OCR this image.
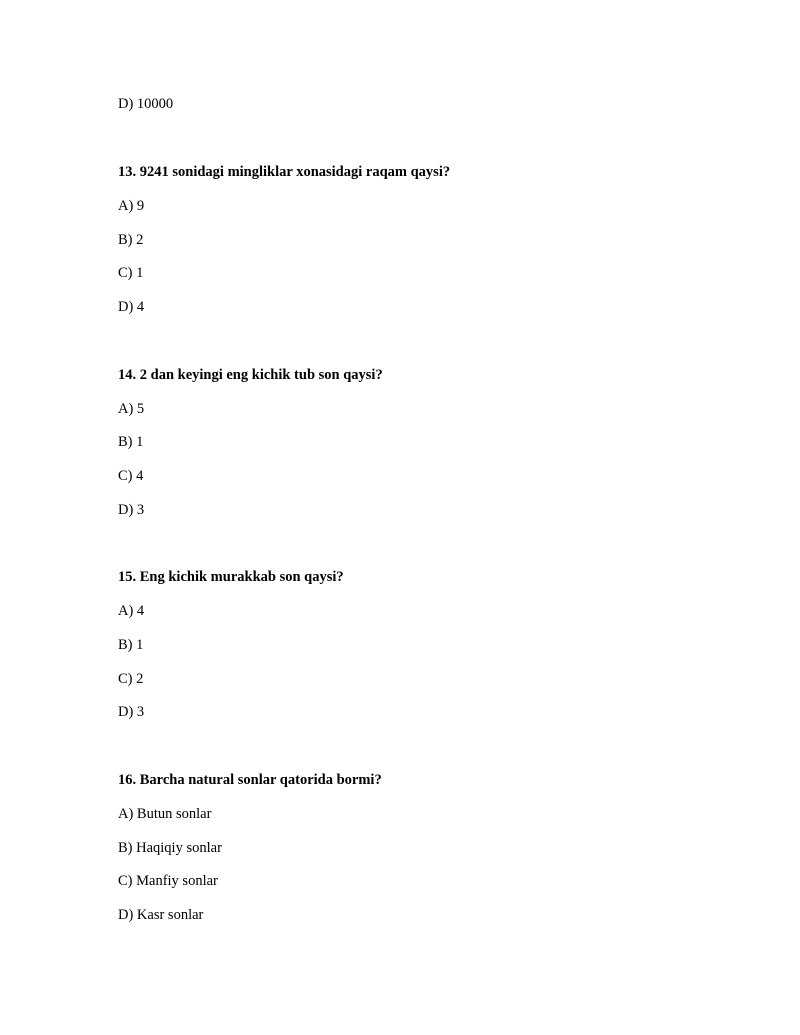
D) 10000
13. 9241 sonidagi mingliklar xonasidagi raqam qaysi?
A) 9
B) 2
C) 1
D) 4
14. 2 dan keyingi eng kichik tub son qaysi?
A) 5
B) 1
C) 4
D) 3
15. Eng kichik murakkab son qaysi?
A) 4
B) 1
C) 2
D) 3
16. Barcha natural sonlar qatorida bormi?
A) Butun sonlar
B) Haqiqiy sonlar
C) Manfiy sonlar
D) Kasr sonlar
